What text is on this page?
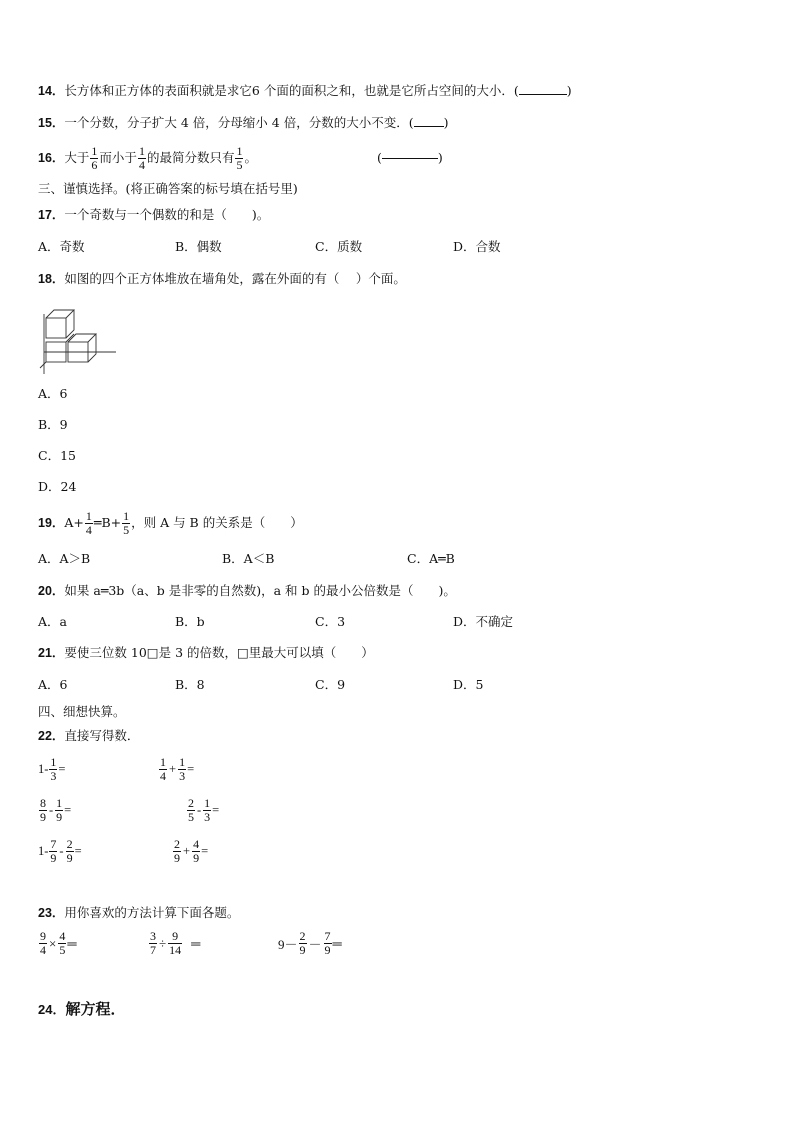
14．长方体和正方体的表面积就是求它6 个面的面积之和，也就是它所占空间的大小．(	)
15．一个分数，分子扩大 4 倍，分母缩小 4 倍，分数的大小不变．( )
16． 大于 $\frac{1}{6}$ 而小于 $\frac{1}{4}$ 的最简分数只有 $\frac{1}{5}$ 。	(	)
三、谨慎选择。(将正确答案的标号填在括号里)
17．一个奇数与一个偶数的和是（　　)。
A．奇数	B．偶数	C．质数	D．合数
18．如图的四个正方体堆放在墙角处，露在外面的有（　 ）个面。
A．6
B．9
C．15
D．24
19． $A+ \frac{1}{4}$ ═B+ $\frac{1}{5}$ ，则 A 与 B 的关系是（　　）
A．A＞B	B．A＜B	C．A═B
20．如果 a═3b（a、b 是非零的自然数)，a 和 b 的最小公倍数是（　　)。
A．a	B．b	C．3	D．不确定
21．要使三位数 10□是 3 的倍数，□里最大可以填（　　）
A．6	B．8	C．9	D．5
四、细想快算。
22．直接写得数．
$1- \frac{1}{3}$ =	$\frac{1}{4} + \frac{1}{3}$ =
$\frac{8}{9} - \frac{1}{9}$ =	$\frac{2}{5} - \frac{1}{3}$ =
$1- \frac{7}{9} - \frac{2}{9}$ =	$\frac{2}{9} + \frac{4}{9}$ =
23．用你喜欢的方法计算下面各题。
$\frac{9}{4} \times \frac{4}{5}$ ═	$\frac{3}{7} \div \frac{9}{14}$ ═	$9- \frac{2}{9} - \frac{7}{9}$ ═
24．解方程．
